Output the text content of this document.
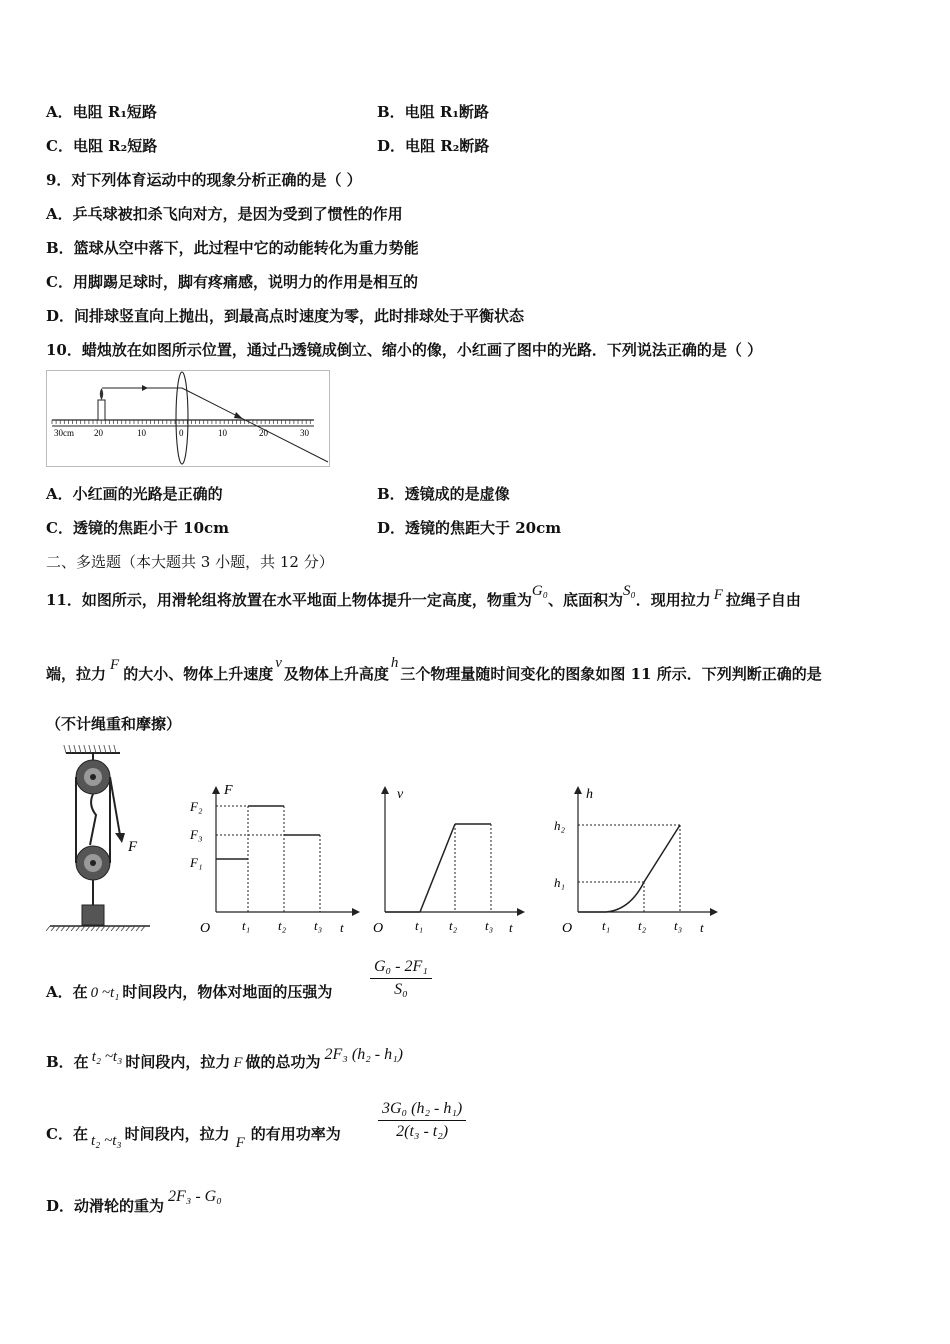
A．电阻 R₁短路	B．电阻 R₁断路
C．电阻 R₂短路	D．电阻 R₂断路
9．对下列体育运动中的现象分析正确的是（ ）
A．乒乓球被扣杀飞向对方，是因为受到了惯性的作用
B．篮球从空中落下，此过程中它的动能转化为重力势能
C．用脚踢足球时，脚有疼痛感，说明力的作用是相互的
D．间排球竖直向上抛出，到最高点时速度为零，此时排球处于平衡状态
10．蜡烛放在如图所示位置，通过凸透镜成倒立、缩小的像，小红画了图中的光路．下列说法正确的是（ ）
30cm 20	10	0	10	20	30
A．小红画的光路是正确的	B．透镜成的是虚像
C．透镜的焦距小于 10cm	D．透镜的焦距大于 20cm
二、多选题（本大题共 3 小题，共 12 分）
11．如图所示，用滑轮组将放置在水平地面上物体提升一定高度，物重为G₀、底面积为S₀．现用拉力 F 拉绳子自由
端，拉力 F 的大小、物体上升速度v及物体上升高度h三个物理量随时间变化的图象如图 11 所示．下列判断正确的是
（不计绳重和摩擦）
F
F
F₂
F₃
F₁
O t₁ t₂ t₃ t
v
O t₁ t₂ t₃ t
h
h₂
h₁
O t₁ t₂ t₃ t
A．在 0 ~t₁ 时间段内，物体对地面的压强为
G₀ - 2F₁
S₀
B．在 t₂ ~t₃ 时间段内，拉力 F 做的总功为 2F₃ (h₂ - h₁)
C．在 t₂ ~t₃ 时间段内，拉力 F 的有用功率为
3G₀ (h₂ - h₁)
2(t₃ - t₂)
D．动滑轮的重为2F₃ - G₀
